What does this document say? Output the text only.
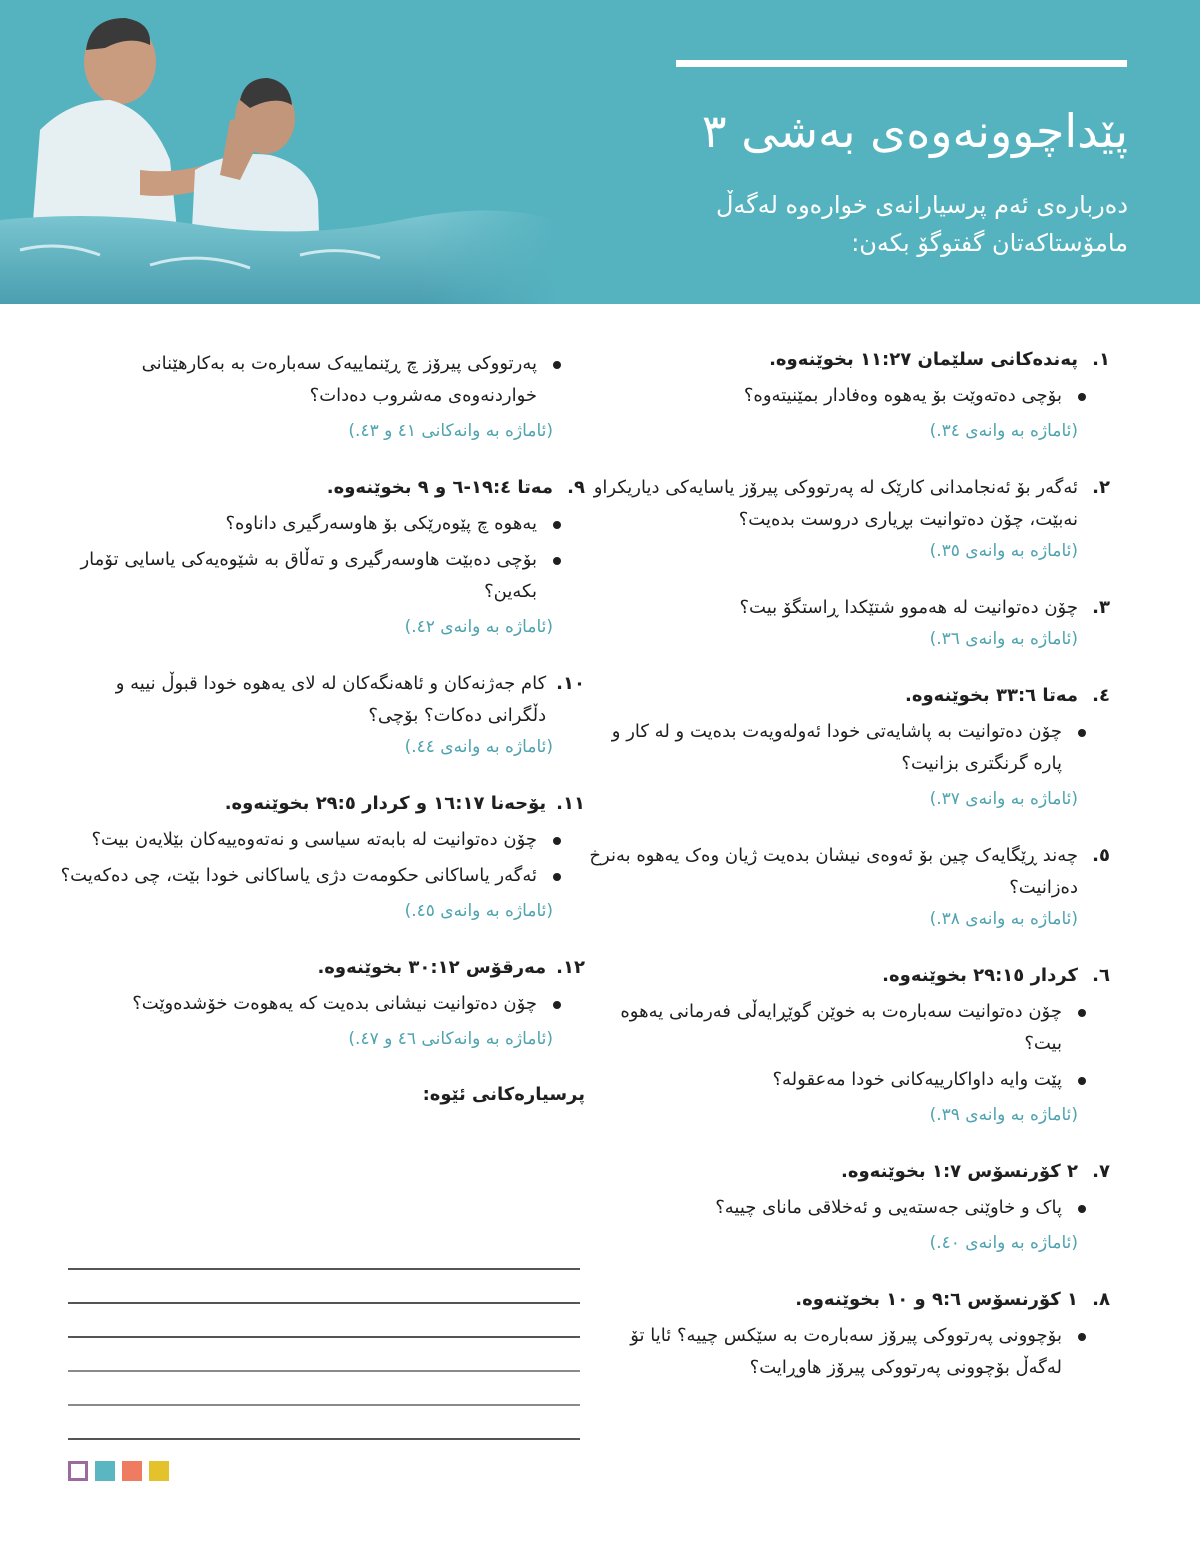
پێداچوونەوەی بەشی ٣

دەربارەی ئەم پرسیارانەی خوارەوە لەگەڵ مامۆستاکەتان گفتوگۆ بکەن:

١.
پەندەکانی سلێمان ١١:٢٧ بخوێنەوە.

بۆچی دەتەوێت بۆ یەهوە وەفادار بمێنیتەوە؟

(ئاماژە بە وانەی ٣٤.)

٢.
ئەگەر بۆ ئەنجامدانی کارێک لە پەرتووکی پیرۆز یاسایەکی دیاریکراو نەبێت، چۆن دەتوانیت بڕیاری دروست بدەیت؟

(ئاماژە بە وانەی ٣٥.)

٣.
چۆن دەتوانیت لە هەموو شتێکدا ڕاستگۆ بیت؟

(ئاماژە بە وانەی ٣٦.)

٤.
مەتا ٣٣:٦ بخوێنەوە.

چۆن دەتوانیت بە پاشایەتی خودا ئەولەویەت بدەیت و لە کار و پارە گرنگتری بزانیت؟

(ئاماژە بە وانەی ٣٧.)

٥.
چەند ڕێگایەک چین بۆ ئەوەی نیشان بدەیت ژیان وەک یەهوە بەنرخ دەزانیت؟

(ئاماژە بە وانەی ٣٨.)

٦.
کردار ٢٩:١٥ بخوێنەوە.

چۆن دەتوانیت سەبارەت بە خوێن گوێڕایەڵی فەرمانی یەهوە بیت؟
پێت وایە داواکارییەکانی خودا مەعقولە؟

(ئاماژە بە وانەی ٣٩.)

٧.
٢ کۆرنسۆس ١:٧ بخوێنەوە.

پاک و خاوێنی جەستەیی و ئەخلاقی مانای چییە؟

(ئاماژە بە وانەی ٤٠.)

٨.
١ کۆرنسۆس ٩:٦ و ١٠ بخوێنەوە.

بۆچوونی پەرتووکی پیرۆز سەبارەت بە سێکس چییە؟ ئایا تۆ لەگەڵ بۆچوونی پەرتووکی پیرۆز هاوڕایت؟
پەرتووکی پیرۆز چ ڕێنماییەک سەبارەت بە بەکارهێنانی خواردنەوەی مەشروب دەدات؟

(ئاماژە بە وانەکانی ٤١ و ٤٣.)

٩.
مەتا ١٩:٤-٦ و ٩ بخوێنەوە.

یەهوە چ پێوەرێکی بۆ هاوسەرگیری داناوە؟
بۆچی دەبێت هاوسەرگیری و تەڵاق بە شێوەیەکی یاسایی تۆمار بکەین؟

(ئاماژە بە وانەی ٤٢.)

١٠.
کام جەژنەکان و ئاهەنگەکان لە لای یەهوە خودا قبوڵ نییە و دڵگرانی دەکات؟ بۆچی؟

(ئاماژە بە وانەی ٤٤.)

١١.
یۆحەنا ١٦:١٧ و کردار ٢٩:٥ بخوێنەوە.

چۆن دەتوانیت لە بابەتە سیاسی و نەتەوەییەکان بێلایەن بیت؟
ئەگەر یاساکانی حکومەت دژی یاساکانی خودا بێت، چی دەکەیت؟

(ئاماژە بە وانەی ٤٥.)

١٢.
مەرقۆس ٣٠:١٢ بخوێنەوە.

چۆن دەتوانیت نیشانی بدەیت کە یەهوەت خۆشدەوێت؟

(ئاماژە بە وانەکانی ٤٦ و ٤٧.)

پرسیارەکانی ئێوە:
